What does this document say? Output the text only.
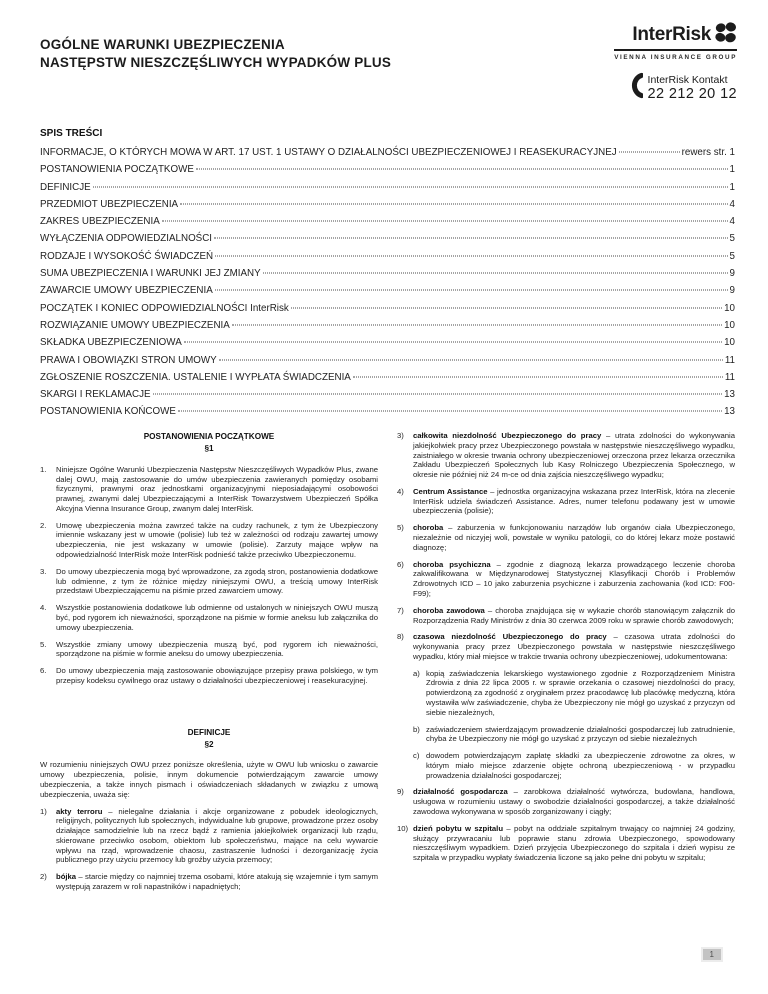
OGÓLNE WARUNKI UBEZPIECZENIA
NASTĘPSTW NIESZCZĘŚLIWYCH WYPADKÓW PLUS
InterRisk
VIENNA INSURANCE GROUP
InterRisk Kontakt
22 212 20 12
SPIS TREŚCI
INFORMACJE, O KTÓRYCH MOWA W ART. 17 UST. 1 USTAWY O DZIAŁALNOŚCI UBEZPIECZENIOWEJ I REASEKURACYJNEJ	rewers str. 1
POSTANOWIENIA POCZĄTKOWE	1
DEFINICJE	1
PRZEDMIOT UBEZPIECZENIA	4
ZAKRES UBEZPIECZENIA	4
WYŁĄCZENIA ODPOWIEDZIALNOŚCI	5
RODZAJE I WYSOKOŚĆ ŚWIADCZEŃ	5
SUMA UBEZPIECZENIA I WARUNKI JEJ ZMIANY	9
ZAWARCIE UMOWY UBEZPIECZENIA	9
POCZĄTEK I KONIEC ODPOWIEDZIALNOŚCI InterRisk	10
ROZWIĄZANIE UMOWY UBEZPIECZENIA	10
SKŁADKA UBEZPIECZENIOWA	10
PRAWA I OBOWIĄZKI STRON UMOWY	11
ZGŁOSZENIE ROSZCZENIA. USTALENIE I WYPŁATA ŚWIADCZENIA	11
SKARGI I REKLAMACJE	13
POSTANOWIENIA KOŃCOWE	13
POSTANOWIENIA POCZĄTKOWE
§1
1.	Niniejsze Ogólne Warunki Ubezpieczenia Następstw Nieszczęśliwych Wypadków Plus, zwane dalej OWU, mają zastosowanie do umów ubezpieczenia zawieranych pomiędzy osobami fizycznymi, prawnymi oraz jednostkami organizacyjnymi nieposiadającymi osobowości prawnej, zwanymi dalej Ubezpieczającymi a InterRisk Towarzystwem Ubezpieczeń Spółka Akcyjna Vienna Insurance Group, zwanym dalej InterRisk.
2.	Umowę ubezpieczenia można zawrzeć także na cudzy rachunek, z tym że Ubezpieczony imiennie wskazany jest w umowie (polisie) lub też w zależności od rodzaju zawartej umowy ubezpieczenia, nie jest wskazany w umowie (polisie). Zarzuty mające wpływ na odpowiedzialność InterRisk może InterRisk podnieść także przeciwko Ubezpieczonemu.
3.	Do umowy ubezpieczenia mogą być wprowadzone, za zgodą stron, postanowienia dodatkowe lub odmienne, z tym że różnice między niniejszymi OWU, a treścią umowy InterRisk przedstawi Ubezpieczającemu na piśmie przed zawarciem umowy.
4.	Wszystkie postanowienia dodatkowe lub odmienne od ustalonych w niniejszych OWU muszą być, pod rygorem ich nieważności, sporządzone na piśmie w formie aneksu lub załącznika do umowy ubezpieczenia.
5.	Wszystkie zmiany umowy ubezpieczenia muszą być, pod rygorem ich nieważności, sporządzone na piśmie w formie aneksu do umowy ubezpieczenia.
6.	Do umowy ubezpieczenia mają zastosowanie obowiązujące przepisy prawa polskiego, w tym przepisy kodeksu cywilnego oraz ustawy o działalności ubezpieczeniowej i reasekuracyjnej.
DEFINICJE
§2
W rozumieniu niniejszych OWU przez poniższe określenia, użyte w OWU lub wniosku o zawarcie umowy ubezpieczenia, polisie, innym dokumencie potwierdzającym zawarcie umowy ubezpieczenia, a także innych pismach i oświadczeniach składanych w związku z umową ubezpieczenia, uważa się:
1)	akty terroru – nielegalne działania i akcje organizowane z pobudek ideologicznych, religijnych, politycznych lub społecznych, indywidualne lub grupowe, prowadzone przez osoby działające samodzielnie lub na rzecz bądź z ramienia jakiejkolwiek organizacji lub rządu, skierowane przeciwko osobom, obiektom lub społeczeństwu, mające na celu wywarcie wpływu na rząd, wprowadzenie chaosu, zastraszenie ludności i dezorganizację życia publicznego przy użyciu przemocy lub groźby użycia przemocy;
2)	bójka – starcie między co najmniej trzema osobami, które atakują się wzajemnie i tym samym występują zarazem w roli napastników i napadniętych;
3)	całkowita niezdolność Ubezpieczonego do pracy – utrata zdolności do wykonywania jakiejkolwiek pracy przez Ubezpieczonego powstała w następstwie nieszczęśliwego wypadku, zaistniałego w okresie trwania ochrony ubezpieczeniowej orzeczona przez lekarza orzecznika Zakładu Ubezpieczeń Społecznych lub Kasy Rolniczego Ubezpieczenia Społecznego, w okresie nie później niż 24 m-ce od dnia zajścia nieszczęśliwego wypadku;
4)	Centrum Assistance – jednostka organizacyjna wskazana przez InterRisk, która na zlecenie InterRisk udziela świadczeń Assistance. Adres, numer telefonu podawany jest w umowie ubezpieczenia (polisie);
5)	choroba – zaburzenia w funkcjonowaniu narządów lub organów ciała Ubezpieczonego, niezależnie od niczyjej woli, powstałe w wyniku patologii, co do której lekarz może postawić diagnozę;
6)	choroba psychiczna – zgodnie z diagnozą lekarza prowadzącego leczenie choroba zakwalifikowana w Międzynarodowej Statystycznej Klasyfikacji Chorób i Problemów Zdrowotnych ICD – 10 jako zaburzenia psychiczne i zaburzenia zachowania (kod ICD: F00-F99);
7)	choroba zawodowa – choroba znajdująca się w wykazie chorób stanowiącym załącznik do Rozporządzenia Rady Ministrów z dnia 30 czerwca 2009 roku w sprawie chorób zawodowych;
8)	czasowa niezdolność Ubezpieczonego do pracy – czasowa utrata zdolności do wykonywania pracy przez Ubezpieczonego powstała w następstwie nieszczęśliwego wypadku, który miał miejsce w trakcie trwania ochrony ubezpieczeniowej, udokumentowana:
a) kopią zaświadczenia lekarskiego wystawionego zgodnie z Rozporządzeniem Ministra Zdrowia z dnia 22 lipca 2005 r. w sprawie orzekania o czasowej niezdolności do pracy, potwierdzoną za zgodność z oryginałem przez pracodawcę lub placówkę medyczną, która wystawiła w/w zaświadczenie, chyba że Ubezpieczony nie mógł go uzyskać z przyczyn od siebie niezależnych,
b) zaświadczeniem stwierdzającym prowadzenie działalności gospodarczej lub zatrudnienie, chyba że Ubezpieczony nie mógł go uzyskać z przyczyn od siebie niezależnych
c) dowodem potwierdzającym zapłatę składki za ubezpieczenie zdrowotne za okres, w którym miało miejsce zdarzenie objęte ochroną ubezpieczeniową - w przypadku prowadzenia działalności gospodarczej;
9)	działalność gospodarcza – zarobkowa działalność wytwórcza, budowlana, handlowa, usługowa w rozumieniu ustawy o swobodzie działalności gospodarczej, a także działalność zawodowa wykonywana w sposób zorganizowany i ciągły;
10) dzień pobytu w szpitalu – pobyt na oddziale szpitalnym trwający co najmniej 24 godziny, służący przywracaniu lub poprawie stanu zdrowia Ubezpieczonego, spowodowany nieszczęśliwym wypadkiem. Dzień przyjęcia Ubezpieczonego do szpitala i dzień wypisu ze szpitala w przypadku wypłaty świadczenia liczone są jako pełne dni pobytu w szpitalu;
1
